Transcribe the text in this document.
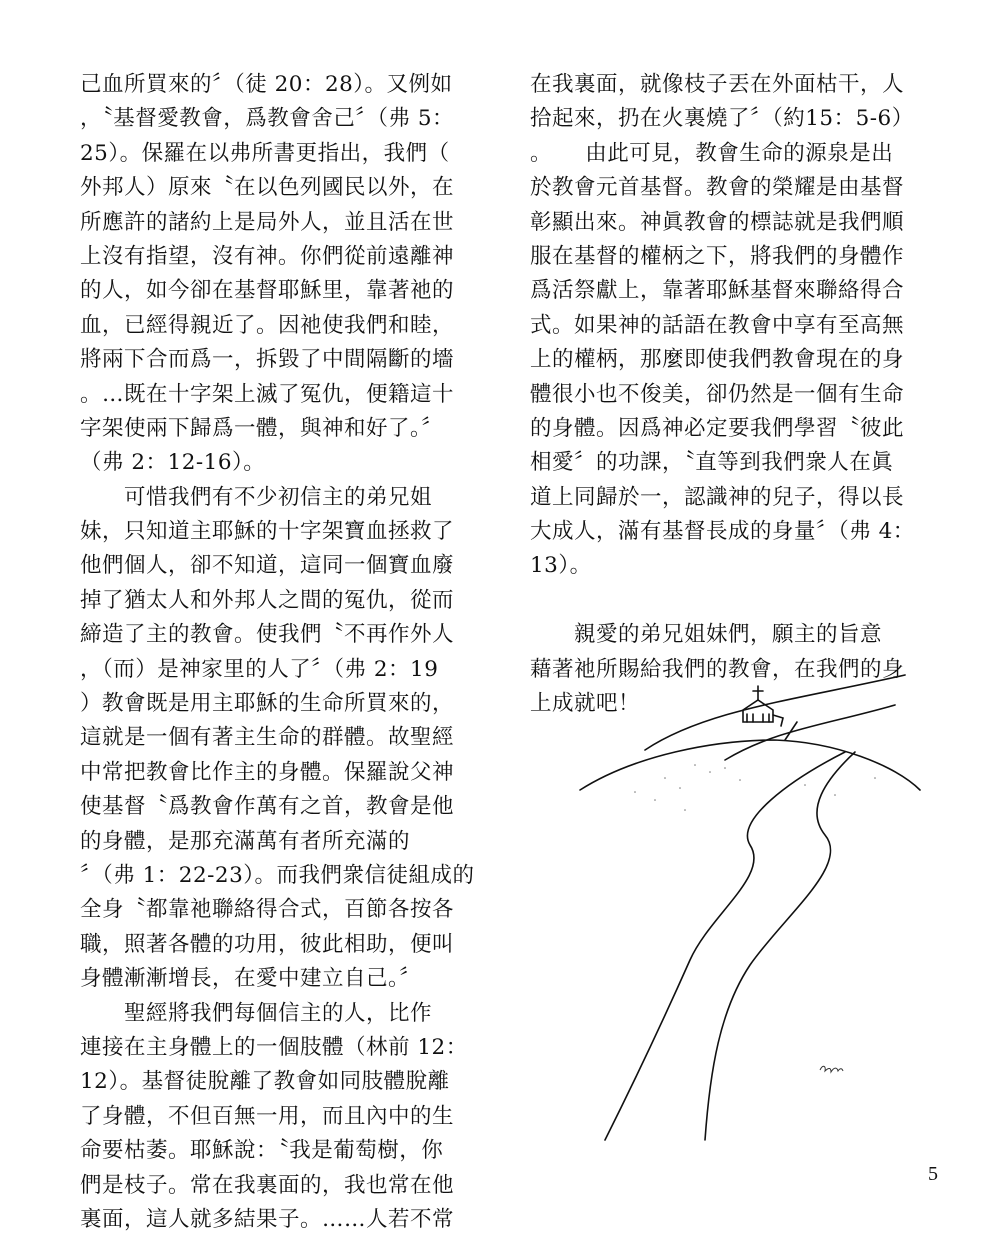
己血所買來的〞（徒 20：28）。又例如
，〝基督愛教會，爲教會舍己〞（弗 5：
25）。保羅在以弗所書更指出，我們（
外邦人）原來〝在以色列國民以外，在
所應許的諸約上是局外人，並且活在世
上沒有指望，沒有神。你們從前遠離神
的人，如今卻在基督耶穌里，靠著祂的
血，已經得親近了。因祂使我們和睦，
將兩下合而爲一，拆毀了中間隔斷的墻
。…既在十字架上滅了冤仇，便籍這十
字架使兩下歸爲一體，與神和好了。〞
（弗 2：12-16）。
　　可惜我們有不少初信主的弟兄姐
妹，只知道主耶穌的十字架寶血拯救了
他們個人，卻不知道，這同一個寶血廢
掉了猶太人和外邦人之間的冤仇，從而
締造了主的教會。使我們〝不再作外人
，（而）是神家里的人了〞（弗 2：19
）教會既是用主耶穌的生命所買來的，
這就是一個有著主生命的群體。故聖經
中常把教會比作主的身體。保羅說父神
使基督〝爲教會作萬有之首，教會是他
的身體，是那充滿萬有者所充滿的
〞（弗 1：22-23）。而我們衆信徒組成的
全身〝都靠祂聯絡得合式，百節各按各
職，照著各體的功用，彼此相助，便叫
身體漸漸增長，在愛中建立自己。〞
　　聖經將我們每個信主的人，比作
連接在主身體上的一個肢體（林前 12：
12）。基督徒脫離了教會如同肢體脫離
了身體，不但百無一用，而且內中的生
命要枯萎。耶穌說：〝我是葡萄樹，你
們是枝子。常在我裏面的，我也常在他
裏面，這人就多結果子。……人若不常
在我裏面，就像枝子丟在外面枯干，人
拾起來，扔在火裏燒了〞（約15：5-6）
。　　由此可見，教會生命的源泉是出
於教會元首基督。教會的榮耀是由基督
彰顯出來。神眞教會的標誌就是我們順
服在基督的權柄之下，將我們的身體作
爲活祭獻上，靠著耶穌基督來聯絡得合
式。如果神的話語在教會中享有至高無
上的權柄，那麼即使我們教會現在的身
體很小也不俊美，卻仍然是一個有生命
的身體。因爲神必定要我們學習〝彼此
相愛〞的功課，〝直等到我們衆人在眞
道上同歸於一，認識神的兒子，得以長
大成人，滿有基督長成的身量〞（弗 4：
13）。
　　親愛的弟兄姐妹們，願主的旨意
藉著祂所賜給我們的教會，在我們的身
上成就吧！
5
